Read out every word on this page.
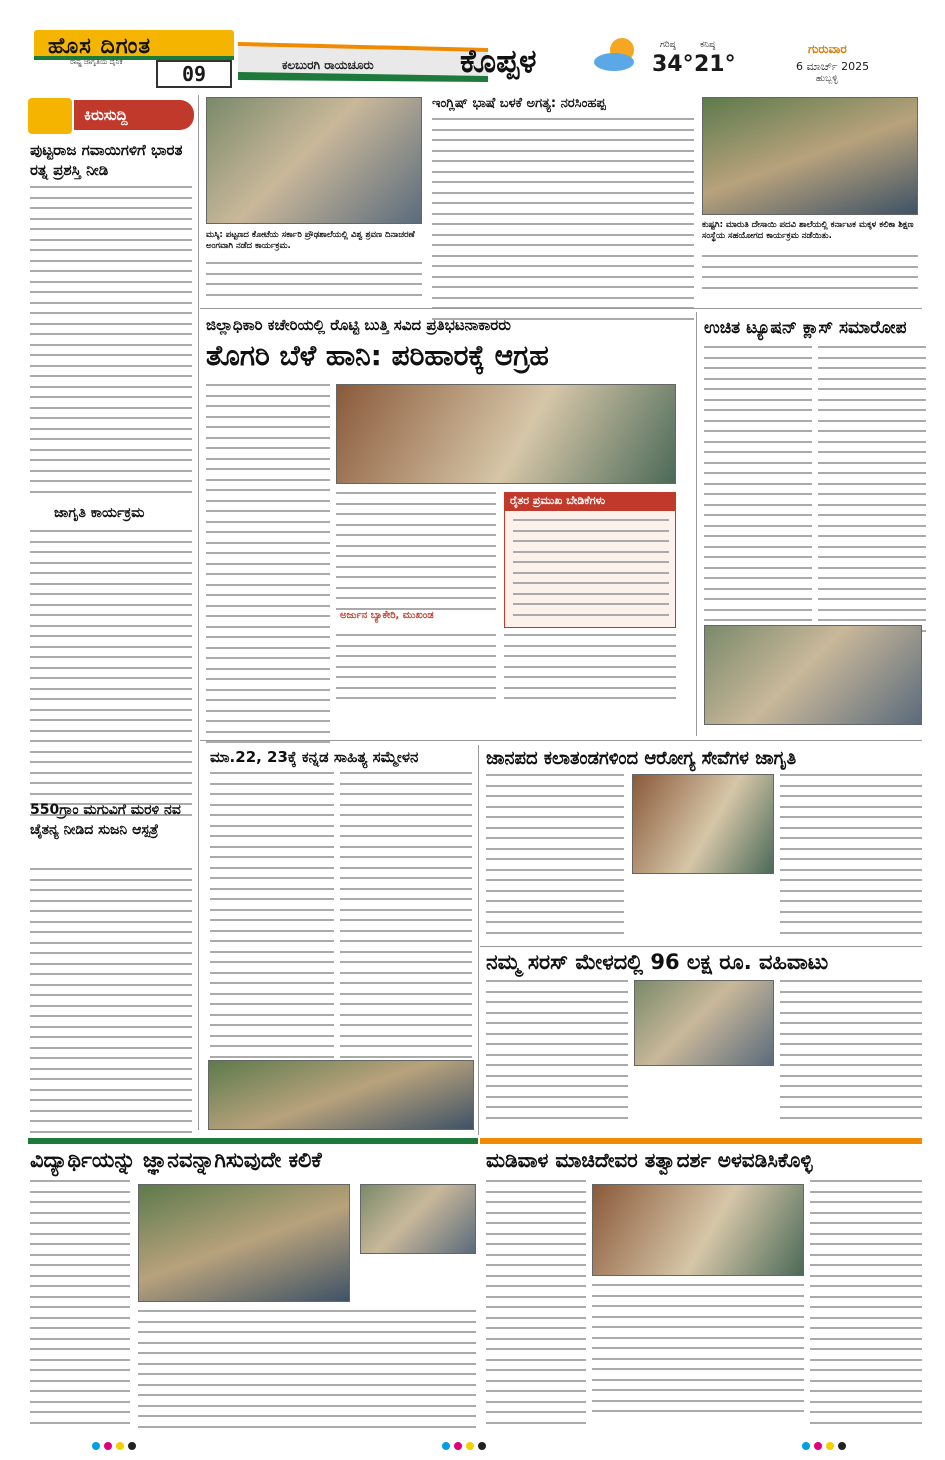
ಹೊಸ ದಿಗಂತ
ರಾಷ್ಟ್ರ ಜಾಗೃತಿಯ ದೈನಿಕ	09	ಕಲಬುರಗಿ ರಾಯಚೂರು	ಕೊಪ್ಪಳ	ಗರಿಷ್ಠ
34°
ಕನಿಷ್ಠ
21°
ಗುರುವಾರ
6 ಮಾರ್ಚ್ 2025
ಹುಬ್ಬಳ್ಳಿ
ಕಿರುಸುದ್ದಿ
ಪುಟ್ಟರಾಜ ಗವಾಯಿಗಳಿಗೆ ಭಾರತ ರತ್ನ ಪ್ರಶಸ್ತಿ ನೀಡಿ
ಜಾಗೃತಿ ಕಾರ್ಯಕ್ರಮ
550ಗ್ರಾಂ ಮಗುವಿಗೆ ಮರಳಿ ನವ ಚೈತನ್ಯ ನೀಡಿದ ಸುಜನಿ ಆಸ್ಪತ್ರೆ
ಮಸ್ಕಿ: ಪಟ್ಟಣದ ಕೋಟೆಯ ಸರ್ಕಾರಿ ಪ್ರೌಢಶಾಲೆಯಲ್ಲಿ ವಿಶ್ವ ಶ್ರವಣ ದಿನಾಚರಣೆ ಅಂಗವಾಗಿ ನಡೆದ ಕಾರ್ಯಕ್ರಮ.
ಇಂಗ್ಲಿಷ್ ಭಾಷೆ ಬಳಕೆ ಅಗತ್ಯ: ನರಸಿಂಹಪ್ಪ
ಕುಷ್ಟಗಿ: ಮಾರುತಿ ದೇಸಾಯಿ ಪದವಿ ಶಾಲೆಯಲ್ಲಿ ಕರ್ನಾಟಕ ಮಕ್ಕಳ ಕಲಿಕಾ ಶಿಕ್ಷಣ ಸಂಸ್ಥೆಯ ಸಹಯೋಗದ ಕಾರ್ಯಕ್ರಮ ನಡೆಯಿತು.
ಜಿಲ್ಲಾಧಿಕಾರಿ ಕಚೇರಿಯಲ್ಲಿ ರೊಟ್ಟಿ ಬುತ್ತಿ ಸವಿದ ಪ್ರತಿಭಟನಾಕಾರರು
ತೊಗರಿ ಬೆಳೆ ಹಾನಿ: ಪರಿಹಾರಕ್ಕೆ ಆಗ್ರಹ
ರೈತರ ಪ್ರಮುಖ ಬೇಡಿಕೆಗಳು
ಅರ್ಜುನ ಬ್ಯಾಕೇರಿ, ಮುಖಂಡ
ಉಚಿತ ಟ್ಯೂಷನ್ ಕ್ಲಾಸ್ ಸಮಾರೋಪ
ಮಾ.22, 23ಕ್ಕೆ ಕನ್ನಡ ಸಾಹಿತ್ಯ ಸಮ್ಮೇಳನ	ಜಾನಪದ ಕಲಾತಂಡಗಳಿಂದ ಆರೋಗ್ಯ ಸೇವೆಗಳ ಜಾಗೃತಿ
ನಮ್ಮ ಸರಸ್ ಮೇಳದಲ್ಲಿ 96 ಲಕ್ಷ ರೂ. ವಹಿವಾಟು
ವಿದ್ಯಾರ್ಥಿಯನ್ನು ಜ್ಞಾನವನ್ನಾಗಿಸುವುದೇ ಕಲಿಕೆ	ಮಡಿವಾಳ ಮಾಚಿದೇವರ ತತ್ವಾದರ್ಶ ಅಳವಡಿಸಿಕೊಳ್ಳಿ
